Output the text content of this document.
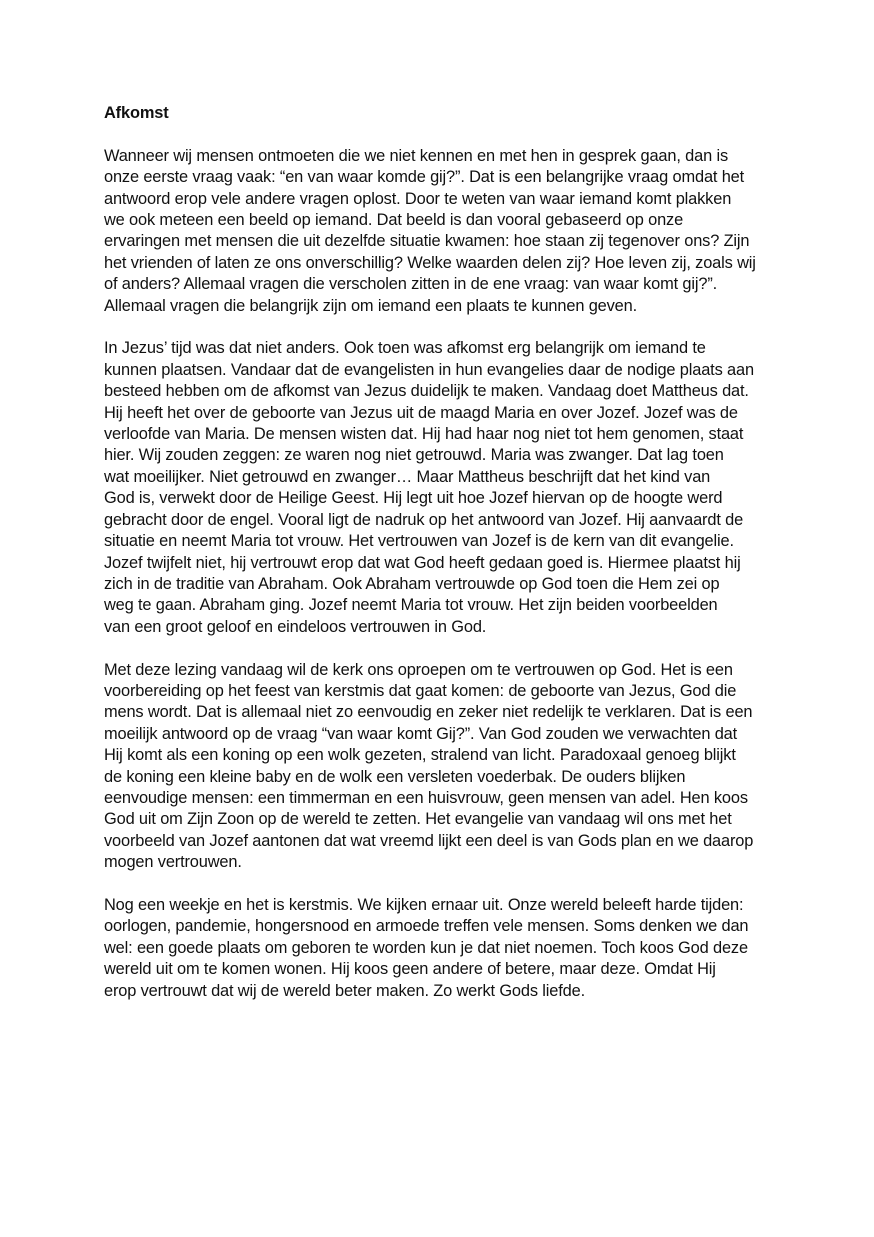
Afkomst
Wanneer wij mensen ontmoeten die we niet kennen en met hen in gesprek gaan, dan is
onze eerste vraag vaak: “en van waar komde gij?”. Dat is een belangrijke vraag omdat het
antwoord erop vele andere vragen oplost. Door te weten van waar iemand komt plakken
we ook meteen een beeld op iemand. Dat beeld is dan vooral gebaseerd op onze
ervaringen met mensen die uit dezelfde situatie kwamen: hoe staan zij tegenover ons? Zijn
het vrienden of laten ze ons onverschillig? Welke waarden delen zij? Hoe leven zij, zoals wij
of anders? Allemaal vragen die verscholen zitten in de ene vraag: van waar komt gij?”.
Allemaal vragen die belangrijk zijn om iemand een plaats te kunnen geven.
In Jezus’ tijd was dat niet anders. Ook toen was afkomst erg belangrijk om iemand te
kunnen plaatsen. Vandaar dat de evangelisten in hun evangelies daar de nodige plaats aan
besteed hebben om de afkomst van Jezus duidelijk te maken. Vandaag doet Mattheus dat.
Hij heeft het over de geboorte van Jezus uit de maagd Maria en over Jozef. Jozef was de
verloofde van Maria. De mensen wisten dat. Hij had haar nog niet tot hem genomen, staat
hier. Wij zouden zeggen: ze waren nog niet getrouwd. Maria was zwanger. Dat lag toen
wat moeilijker. Niet getrouwd en zwanger… Maar Mattheus beschrijft dat het kind van
God is, verwekt door de Heilige Geest. Hij legt uit hoe Jozef hiervan op de hoogte werd
gebracht door de engel. Vooral ligt de nadruk op het antwoord van Jozef. Hij aanvaardt de
situatie en neemt Maria tot vrouw. Het vertrouwen van Jozef is de kern van dit evangelie.
Jozef twijfelt niet, hij vertrouwt erop dat wat God heeft gedaan goed is. Hiermee plaatst hij
zich in de traditie van Abraham. Ook Abraham vertrouwde op God toen die Hem zei op
weg te gaan. Abraham ging. Jozef neemt Maria tot vrouw. Het zijn beiden voorbeelden
van een groot geloof en eindeloos vertrouwen in God.
Met deze lezing vandaag wil de kerk ons oproepen om te vertrouwen op God. Het is een
voorbereiding op het feest van kerstmis dat gaat komen: de geboorte van Jezus, God die
mens wordt. Dat is allemaal niet zo eenvoudig en zeker niet redelijk te verklaren. Dat is een
moeilijk antwoord op de vraag “van waar komt Gij?”. Van God zouden we verwachten dat
Hij komt als een koning op een wolk gezeten, stralend van licht. Paradoxaal genoeg blijkt
de koning een kleine baby en de wolk een versleten voederbak. De ouders blijken
eenvoudige mensen: een timmerman en een huisvrouw, geen mensen van adel. Hen koos
God uit om Zijn Zoon op de wereld te zetten. Het evangelie van vandaag wil ons met het
voorbeeld van Jozef aantonen dat wat vreemd lijkt een deel is van Gods plan en we daarop
mogen vertrouwen.
Nog een weekje en het is kerstmis. We kijken ernaar uit. Onze wereld beleeft harde tijden:
oorlogen, pandemie, hongersnood en armoede treffen vele mensen. Soms denken we dan
wel: een goede plaats om geboren te worden kun je dat niet noemen. Toch koos God deze
wereld uit om te komen wonen. Hij koos geen andere of betere, maar deze. Omdat Hij
erop vertrouwt dat wij de wereld beter maken. Zo werkt Gods liefde.
